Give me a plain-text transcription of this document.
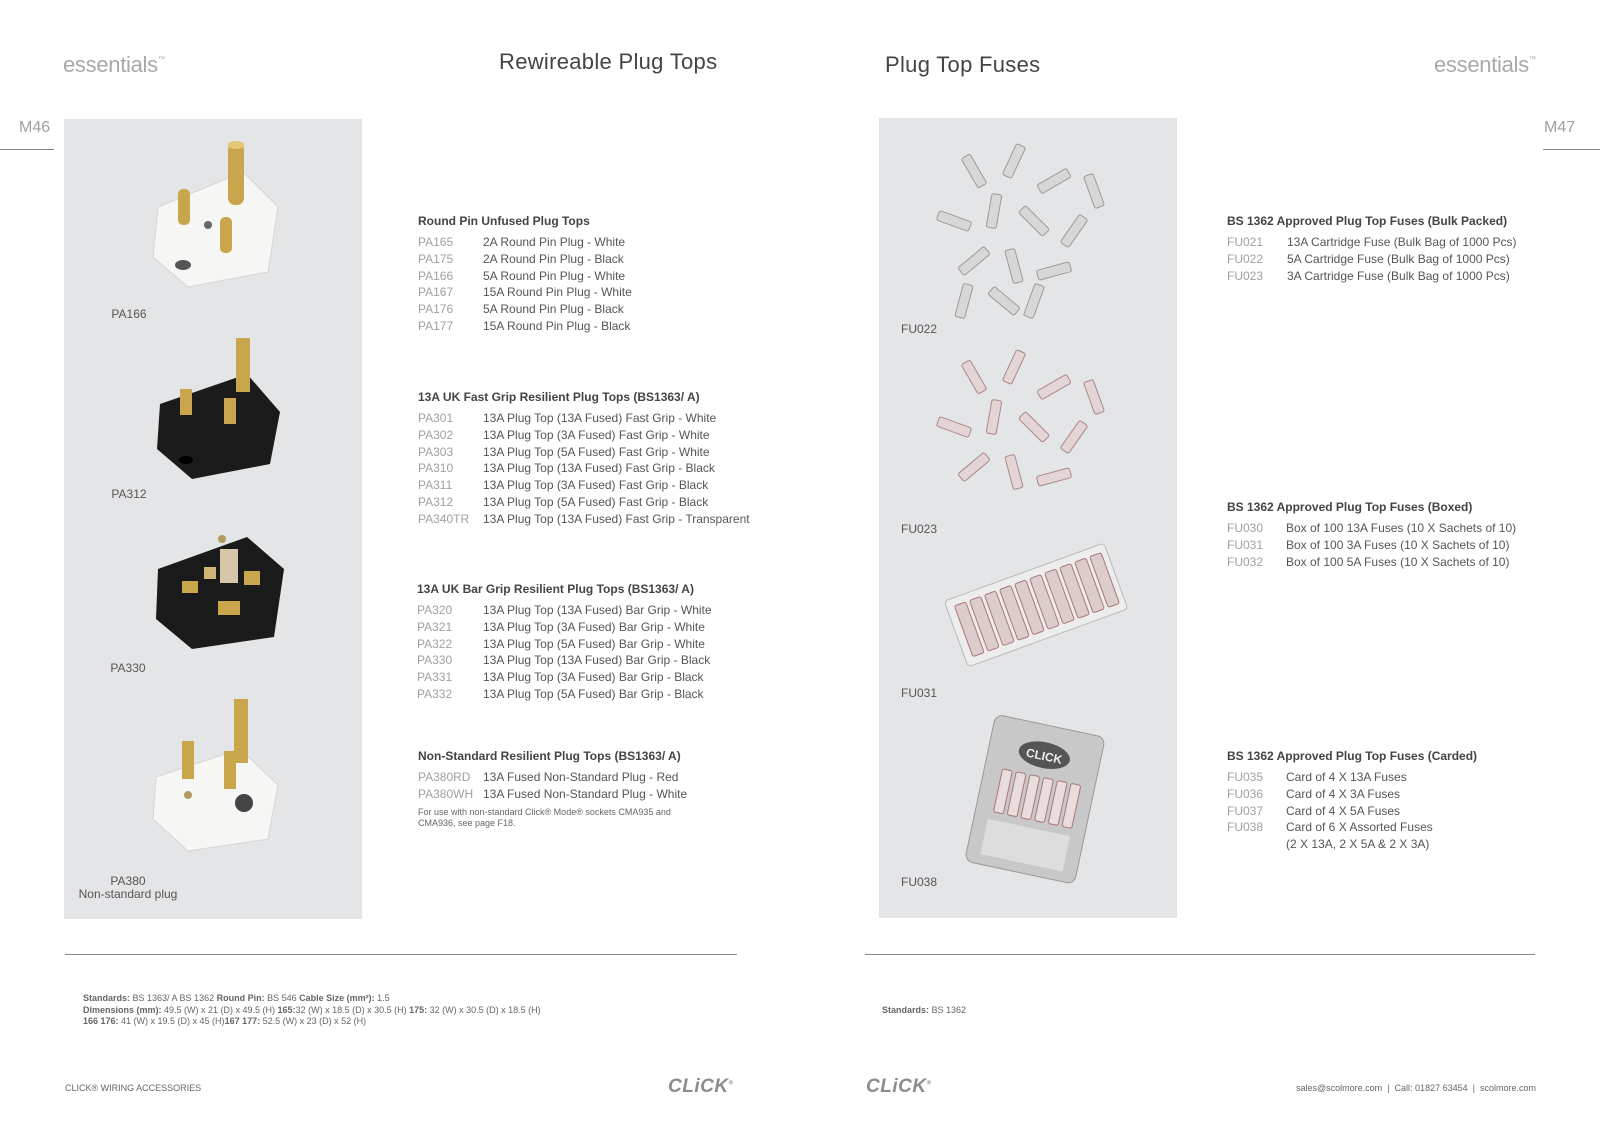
essentials™	Rewireable Plug Tops
M46
PA166
PA312
PA330
PA380
Non-standard plug
Round Pin Unfused Plug Tops
PA165	2A Round Pin Plug - White
PA175	2A Round Pin Plug - Black
PA166	5A Round Pin Plug - White
PA167	15A Round Pin Plug - White
PA176	5A Round Pin Plug - Black
PA177	15A Round Pin Plug - Black
13A UK Fast Grip Resilient Plug Tops (BS1363/ A)
PA301	13A Plug Top (13A Fused) Fast Grip - White
PA302	13A Plug Top (3A Fused) Fast Grip - White
PA303	13A Plug Top (5A Fused) Fast Grip - White
PA310	13A Plug Top (13A Fused) Fast Grip - Black
PA311	13A Plug Top (3A Fused) Fast Grip - Black
PA312	13A Plug Top (5A Fused) Fast Grip - Black
PA340TR	13A Plug Top (13A Fused) Fast Grip - Transparent
13A UK Bar Grip Resilient Plug Tops (BS1363/ A)
PA320	13A Plug Top (13A Fused) Bar Grip - White
PA321	13A Plug Top (3A Fused) Bar Grip - White
PA322	13A Plug Top (5A Fused) Bar Grip - White
PA330	13A Plug Top (13A Fused) Bar Grip - Black
PA331	13A Plug Top (3A Fused) Bar Grip - Black
PA332	13A Plug Top (5A Fused) Bar Grip - Black
Non-Standard Resilient Plug Tops (BS1363/ A)
PA380RD	13A Fused Non-Standard Plug - Red
PA380WH 13A Fused Non-Standard Plug - White
For use with non-standard Click® Mode® sockets CMA935 and
CMA936, see page F18.
Standards: BS 1363/ A BS 1362 Round Pin: BS 546 Cable Size (mm²): 1.5
Dimensions (mm): 49.5 (W) x 21 (D) x 49.5 (H) 165:32 (W) x 18.5 (D) x 30.5 (H) 175: 32 (W) x 30.5 (D) x 18.5 (H)
166 176: 41 (W) x 19.5 (D) x 45 (H)167 177: 52.5 (W) x 23 (D) x 52 (H)
CLICK® WIRING ACCESSORIES	CLiCK®
Plug Top Fuses	essentials™
M47
CLICK
FU022
FU023
FU031
FU038
BS 1362 Approved Plug Top Fuses (Bulk Packed)
FU021	13A Cartridge Fuse (Bulk Bag of 1000 Pcs)
FU022	5A Cartridge Fuse (Bulk Bag of 1000 Pcs)
FU023	3A Cartridge Fuse (Bulk Bag of 1000 Pcs)
BS 1362 Approved Plug Top Fuses (Boxed)
FU030	Box of 100 13A Fuses (10 X Sachets of 10)
FU031	Box of 100 3A Fuses (10 X Sachets of 10)
FU032	Box of 100 5A Fuses (10 X Sachets of 10)
BS 1362 Approved Plug Top Fuses (Carded)
FU035	Card of 4 X 13A Fuses
FU036	Card of 4 X 3A Fuses
FU037	Card of 4 X 5A Fuses
FU038	Card of 6 X Assorted Fuses
(2 X 13A, 2 X 5A & 2 X 3A)
Standards: BS 1362
CLiCK®	sales@scolmore.com | Call: 01827 63454 | scolmore.com
